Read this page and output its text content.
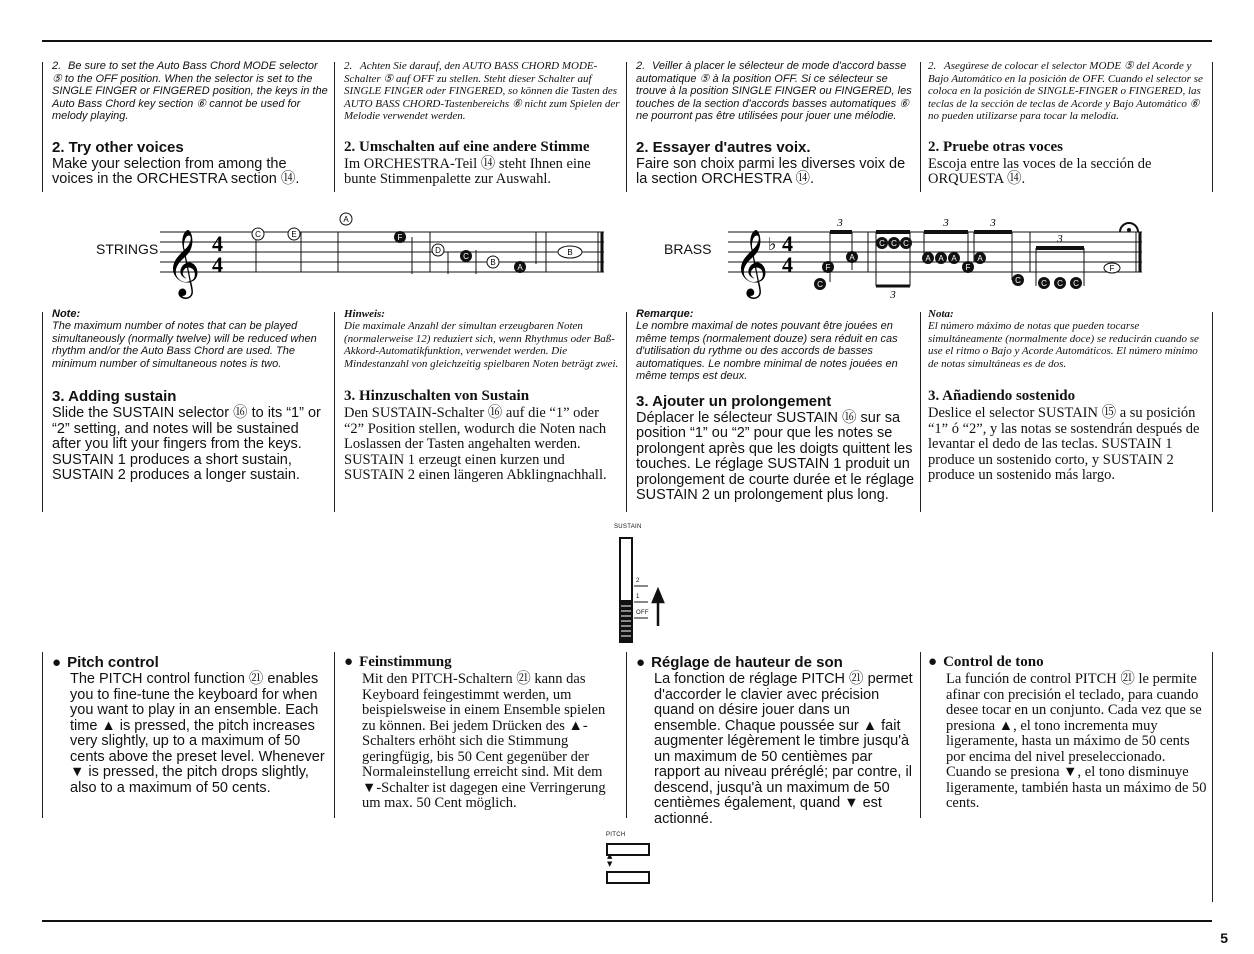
2. Be sure to set the Auto Bass Chord MODE selector ⑤ to the OFF position. When the selector is set to the SINGLE FINGER or FINGERED position, the keys in the Auto Bass Chord key section ⑥ cannot be used for melody playing.

2. Try other voices

Make your selection from among the voices in the ORCHESTRA section ⑭.

2. Achten Sie darauf, den AUTO BASS CHORD MODE-Schalter ⑤ auf OFF zu stellen. Steht dieser Schalter auf SINGLE FINGER oder FINGERED, so können die Tasten des AUTO BASS CHORD-Tastenbereichs ⑥ nicht zum Spielen der Melodie verwendet werden.

2. Umschalten auf eine andere Stimme

Im ORCHESTRA-Teil ⑭ steht Ihnen eine bunte Stimmenpalette zur Auswahl.

2. Veiller à placer le sélecteur de mode d'accord basse automatique ⑤ à la position OFF. Si ce sélecteur se trouve à la position SINGLE FINGER ou FINGERED, les touches de la section d'accords basses automatiques ⑥ ne pourront pas être utilisées pour jouer une mélodie.

2. Essayer d'autres voix.

Faire son choix parmi les diverses voix de la section ORCHESTRA ⑭.

2. Asegúrese de colocar el selector MODE ⑤ del Acorde y Bajo Automático en la posición de OFF. Cuando el selector se coloca en la posición de SINGLE-FINGER o FINGERED, las teclas de la sección de teclas de Acorde y Bajo Automático ⑥ no pueden utilizarse para tocar la melodía.

2. Pruebe otras voces

Escoja entre las voces de la sección de ORQUESTA ⑭.

STRINGS 𝄞 4
4
C	E
A
F
D
C
B
A
B	BRASS 𝄞 ♭ 4
4
3	3	3
3
3
C
F
A
C C C
A A A
F
A
C	C C C
F

Note:

The maximum number of notes that can be played simultaneously (normally twelve) will be reduced when rhythm and/or the Auto Bass Chord are used. The minimum number of simultaneous notes is two.

3. Adding sustain

Slide the SUSTAIN selector ⑯ to its “1” or “2” setting, and notes will be sustained after you lift your fingers from the keys. SUSTAIN 1 produces a short sustain, SUSTAIN 2 produces a longer sustain.

Hinweis:

Die maximale Anzahl der simultan erzeugbaren Noten (normalerweise 12) reduziert sich, wenn Rhythmus oder Baß-Akkord-Automatikfunktion, verwendet werden. Die Mindestanzahl von gleichzeitig spielbaren Noten beträgt zwei.

3. Hinzuschalten von Sustain

Den SUSTAIN-Schalter ⑯ auf die “1” oder “2” Position stellen, wodurch die Noten nach Loslassen der Tasten angehalten werden. SUSTAIN 1 erzeugt einen kurzen und SUSTAIN 2 einen längeren Abklingnachhall.

Remarque:

Le nombre maximal de notes pouvant être jouées en même temps (normalement douze) sera réduit en cas d'utilisation du rythme ou des accords de basses automatiques. Le nombre minimal de notes jouées en même temps est deux.

3. Ajouter un prolongement

Déplacer le sélecteur SUSTAIN ⑯ sur sa position “1” ou “2” pour que les notes se prolongent après que les doigts quittent les touches. Le réglage SUSTAIN 1 produit un prolongement de courte durée et le réglage SUSTAIN 2 un prolongement plus long.

Nota:

El número máximo de notas que pueden tocarse simultáneamente (normalmente doce) se reducirán cuando se use el ritmo o Bajo y Acorde Automáticos. El número mínimo de notas simultáneas es de dos.

3. Añadiendo sostenido

Deslice el selector SUSTAIN ⑮ a su posición “1” ó “2”, y las notas se sostendrán después de levantar el dedo de las teclas. SUSTAIN 1 produce un sostenido corto, y SUSTAIN 2 produce un sostenido más largo.

SUSTAIN
2
1
OFF

● Pitch control

The PITCH control function ㉑ enables you to fine-tune the keyboard for when you want to play in an ensemble. Each time ▲ is pressed, the pitch increases very slightly, up to a maximum of 50 cents above the preset level. Whenever ▼ is pressed, the pitch drops slightly, also to a maximum of 50 cents.

● Feinstimmung

Mit den PITCH-Schaltern ㉑ kann das Keyboard feingestimmt werden, um beispielsweise in einem Ensemble spielen zu können. Bei jedem Drücken des ▲-Schalters erhöht sich die Stimmung geringfügig, bis 50 Cent gegenüber der Normaleinstellung erreicht sind. Mit dem ▼-Schalter ist dagegen eine Verringerung um max. 50 Cent möglich.

● Réglage de hauteur de son

La fonction de réglage PITCH ㉑ permet d'accorder le clavier avec précision quand on désire jouer dans un ensemble. Chaque poussée sur ▲ fait augmenter légèrement le timbre jusqu'à un maximum de 50 centièmes par rapport au niveau préréglé; par contre, il descend, jusqu'à un maximum de 50 centièmes également, quand ▼ est actionné.

● Control de tono

La función de control PITCH ㉑ le permite afinar con precisión el teclado, para cuando desee tocar en un conjunto. Cada vez que se presiona ▲, el tono incrementa muy ligeramente, hasta un máximo de 50 cents por encima del nivel preseleccionado. Cuando se presiona ▼, el tono disminuye ligeramente, también hasta un máximo de 50 cents.

PITCH
▲
▼
5
